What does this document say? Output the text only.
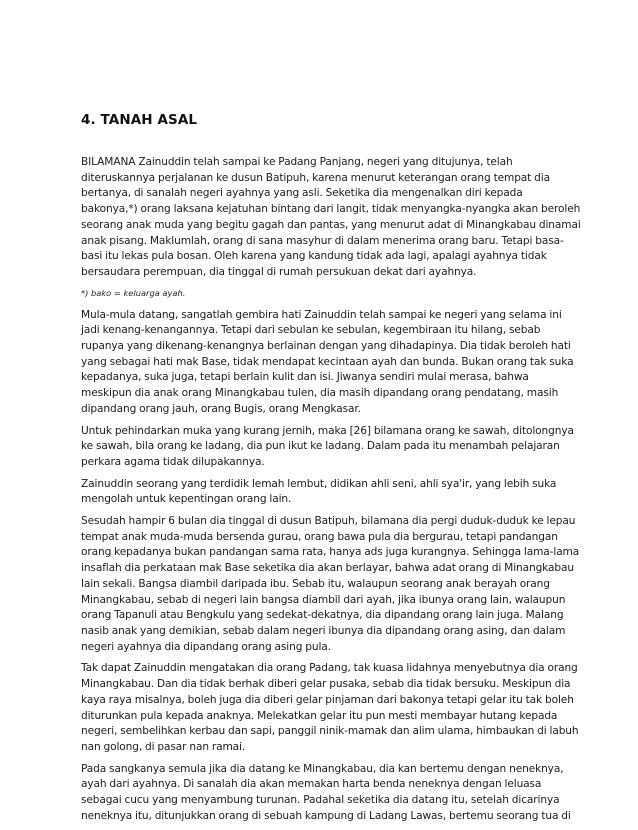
4. TANAH ASAL

BILAMANA Zainuddin telah sampai ke Padang Panjang, negeri yang ditujunya, telah
diteruskannya perjalanan ke dusun Batipuh, karena menurut keterangan orang tempat dia
bertanya, di sanalah negeri ayahnya yang asli. Seketika dia mengenalkan diri kepada
bakonya,*) orang laksana kejatuhan bintang dari langit, tidak menyangka-nyangka akan beroleh
seorang anak muda yang begitu gagah dan pantas, yang menurut adat di Minangkabau dinamai
anak pisang. Maklumlah, orang di sana masyhur di dalam menerima orang baru. Tetapi basa-
basi itu lekas pula bosan. Oleh karena yang kandung tidak ada lagi, apalagi ayahnya tidak
bersaudara perempuan, dia tinggal di rumah persukuan dekat dari ayahnya.

*) bako = keluarga ayah.

Mula-mula datang, sangatlah gembira hati Zainuddin telah sampai ke negeri yang selama ini
jadi kenang-kenangannya. Tetapi dari sebulan ke sebulan, kegembiraan itu hilang, sebab
rupanya yang dikenang-kenangnya berlainan dengan yang dihadapinya. Dia tidak beroleh hati
yang sebagai hati mak Base, tidak mendapat kecintaan ayah dan bunda. Bukan orang tak suka
kepadanya, suka juga, tetapi berlain kulit dan isi. Jiwanya sendiri mulai merasa, bahwa
meskipun dia anak orang Minangkabau tulen, dia masih dipandang orang pendatang, masih
dipandang orang jauh, orang Bugis, orang Mengkasar.

Untuk pehindarkan muka yang kurang jernih, maka [26] bilamana orang ke sawah, ditolongnya
ke sawah, bila orang ke ladang, dia pun ikut ke ladang. Dalam pada itu menambah pelajaran
perkara agama tidak dilupakannya.

Zainuddin seorang yang terdidik lemah lembut, didikan ahli seni, ahli sya'ir, yang lebih suka
mengolah untuk kepentingan orang lain.

Sesudah hampir 6 bulan dia tinggal di dusun Batipuh, bilamana dia pergi duduk-duduk ke lepau
tempat anak muda-muda bersenda gurau, orang bawa pula dia bergurau, tetapi pandangan
orang kepadanya bukan pandangan sama rata, hanya ads juga kurangnya. Sehingga lama-lama
insaflah dia perkataan mak Base seketika dia akan berlayar, bahwa adat orang di Minangkabau
lain sekali. Bangsa diambil daripada ibu. Sebab itu, walaupun seorang anak berayah orang
Minangkabau, sebab di negeri lain bangsa diambil dari ayah, jika ibunya orang lain, walaupun
orang Tapanuli atau Bengkulu yang sedekat-dekatnya, dia dipandang orang lain juga. Malang
nasib anak yang demikian, sebab dalam negeri ibunya dia dipandang orang asing, dan dalam
negeri ayahnya dia dipandang orang asing pula.

Tak dapat Zainuddin mengatakan dia orang Padang, tak kuasa lidahnya menyebutnya dia orang
Minangkabau. Dan dia tidak berhak diberi gelar pusaka, sebab dia tidak bersuku. Meskipun dia
kaya raya misalnya, boleh juga dia diberi gelar pinjaman dari bakonya tetapi gelar itu tak boleh
diturunkan pula kepada anaknya. Melekatkan gelar itu pun mesti membayar hutang kepada
negeri, sembelihkan kerbau dan sapi, panggil ninik-mamak dan alim ulama, himbaukan di labuh
nan golong, di pasar nan ramai.

Pada sangkanya semula jika dia datang ke Minangkabau, dia kan bertemu dengan neneknya,
ayah dari ayahnya. Di sanalah dia akan memakan harta benda neneknya dengan leluasa
sebagai cucu yang menyambung turunan. Padahal seketika dia datang itu, setelah dicarinya
neneknya itu, ditunjukkan orang di sebuah kampung di Ladang Lawas, bertemu seorang tua di
